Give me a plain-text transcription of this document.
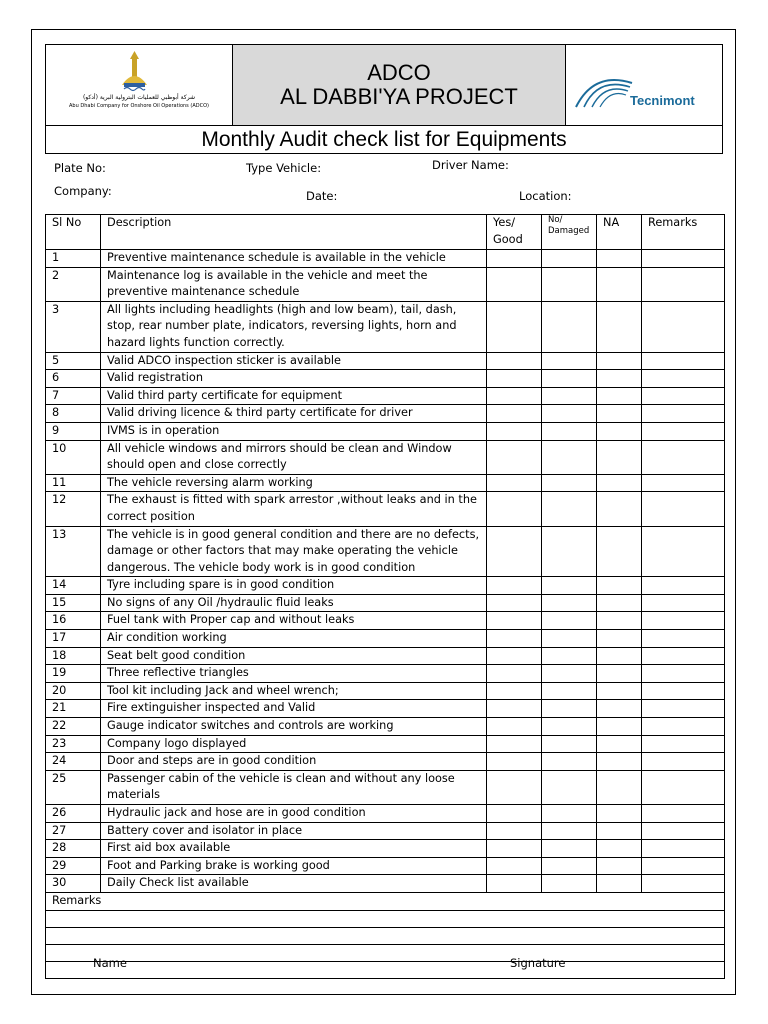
شركة أبوظبي للعمليات البترولية البرية (أدكو)
Abu Dhabi Company for Onshore Oil Operations (ADCO)
ADCO
AL DABBI'YA PROJECT	Tecnimont
Monthly Audit check list for Equipments
Plate No:	Type Vehicle:	Driver Name:
Company:	Date:	Location:
Sl No	Description	Yes/ Good	No/ Damaged	NA	Remarks
1	Preventive maintenance schedule is available in the vehicle				
2	Maintenance log is available in the vehicle and meet the preventive maintenance schedule				
3	All lights including headlights (high and low beam), tail, dash, stop, rear number plate, indicators, reversing lights, horn and hazard lights function correctly.				
5	Valid ADCO inspection sticker is available				
6	Valid registration				
7	Valid third party certificate for equipment				
8	Valid driving licence & third party certificate for driver				
9	IVMS is in operation				
10	All vehicle windows and mirrors should be clean and Window should open and close correctly				
11	The vehicle reversing alarm working				
12	The exhaust is fitted with spark arrestor ,without leaks and in the correct position				
13	The vehicle is in good general condition and there are no defects, damage or other factors that may make operating the vehicle dangerous. The vehicle body work is in good condition				
14	Tyre including spare is in good condition				
15	No signs of any Oil /hydraulic fluid leaks				
16	Fuel tank with Proper cap and without leaks				
17	Air condition working				
18	Seat belt good condition				
19	Three reflective triangles				
20	Tool kit including Jack and wheel wrench;				
21	Fire extinguisher inspected and Valid				
22	Gauge indicator switches and controls are working				
23	Company logo displayed				
24	Door and steps are in good condition				
25	Passenger cabin of the vehicle is clean and without any loose materials				
26	Hydraulic jack and hose are in good condition				
27	Battery cover and isolator in place				
28	First aid box available				
29	Foot and Parking brake is working good				
30	Daily Check list available				
Remarks					

Name	Signature
